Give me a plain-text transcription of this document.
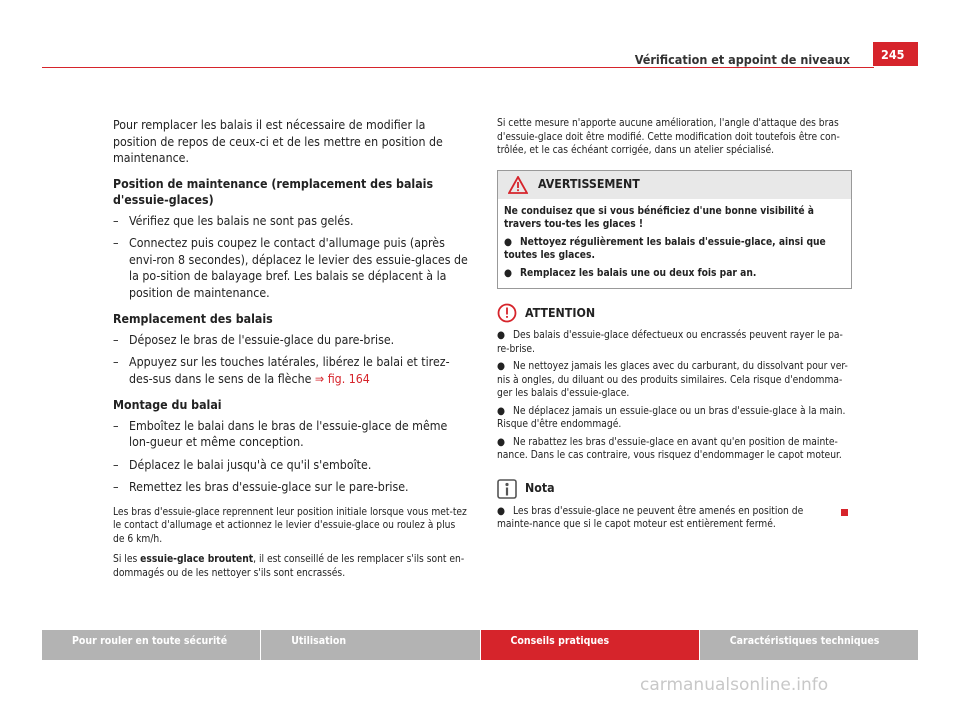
Vérification et appoint de niveaux	245

Pour remplacer les balais il est nécessaire de modifier la position de repos de ceux-ci et de les mettre en position de maintenance.

Position de maintenance (remplacement des balais d'essuie-glaces)

– Vérifiez que les balais ne sont pas gelés.
– Connectez puis coupez le contact d'allumage puis (après envi-ron 8 secondes), déplacez le levier des essuie-glaces de la po-sition de balayage bref. Les balais se déplacent à la position de maintenance.

Remplacement des balais

– Déposez le bras de l'essuie-glace du pare-brise.
– Appuyez sur les touches latérales, libérez le balai et tirez-des-sus dans le sens de la flèche ⇒ fig. 164

Montage du balai

– Emboîtez le balai dans le bras de l'essuie-glace de même lon-gueur et même conception.
– Déplacez le balai jusqu'à ce qu'il s'emboîte.
– Remettez les bras d'essuie-glace sur le pare-brise.

Les bras d'essuie-glace reprennent leur position initiale lorsque vous met-tez le contact d'allumage et actionnez le levier d'essuie-glace ou roulez à plus de 6 km/h.

Si les essuie-glace broutent, il est conseillé de les remplacer s'ils sont en-dommagés ou de les nettoyer s'ils sont encrassés.

Si cette mesure n'apporte aucune amélioration, l'angle d'attaque des bras d'essuie-glace doit être modifié. Cette modification doit toutefois être con-trôlée, et le cas échéant corrigée, dans un atelier spécialisé.

AVERTISSEMENT

Ne conduisez que si vous bénéficiez d'une bonne visibilité à travers tou-tes les glaces !

● Nettoyez régulièrement les balais d'essuie-glace, ainsi que toutes les glaces.

● Remplacez les balais une ou deux fois par an.

ATTENTION

● Des balais d'essuie-glace défectueux ou encrassés peuvent rayer le pa-re-brise.

● Ne nettoyez jamais les glaces avec du carburant, du dissolvant pour ver-nis à ongles, du diluant ou des produits similaires. Cela risque d'endomma-ger les balais d'essuie-glace.

● Ne déplacez jamais un essuie-glace ou un bras d'essuie-glace à la main. Risque d'être endommagé.

● Ne rabattez les bras d'essuie-glace en avant qu'en position de mainte-nance. Dans le cas contraire, vous risquez d'endommager le capot moteur.

Nota

● Les bras d'essuie-glace ne peuvent être amenés en position de mainte-nance que si le capot moteur est entièrement fermé.

Pour rouler en toute sécurité	Utilisation	Conseils pratiques	Caractéristiques techniques
carmanualsonline.info
